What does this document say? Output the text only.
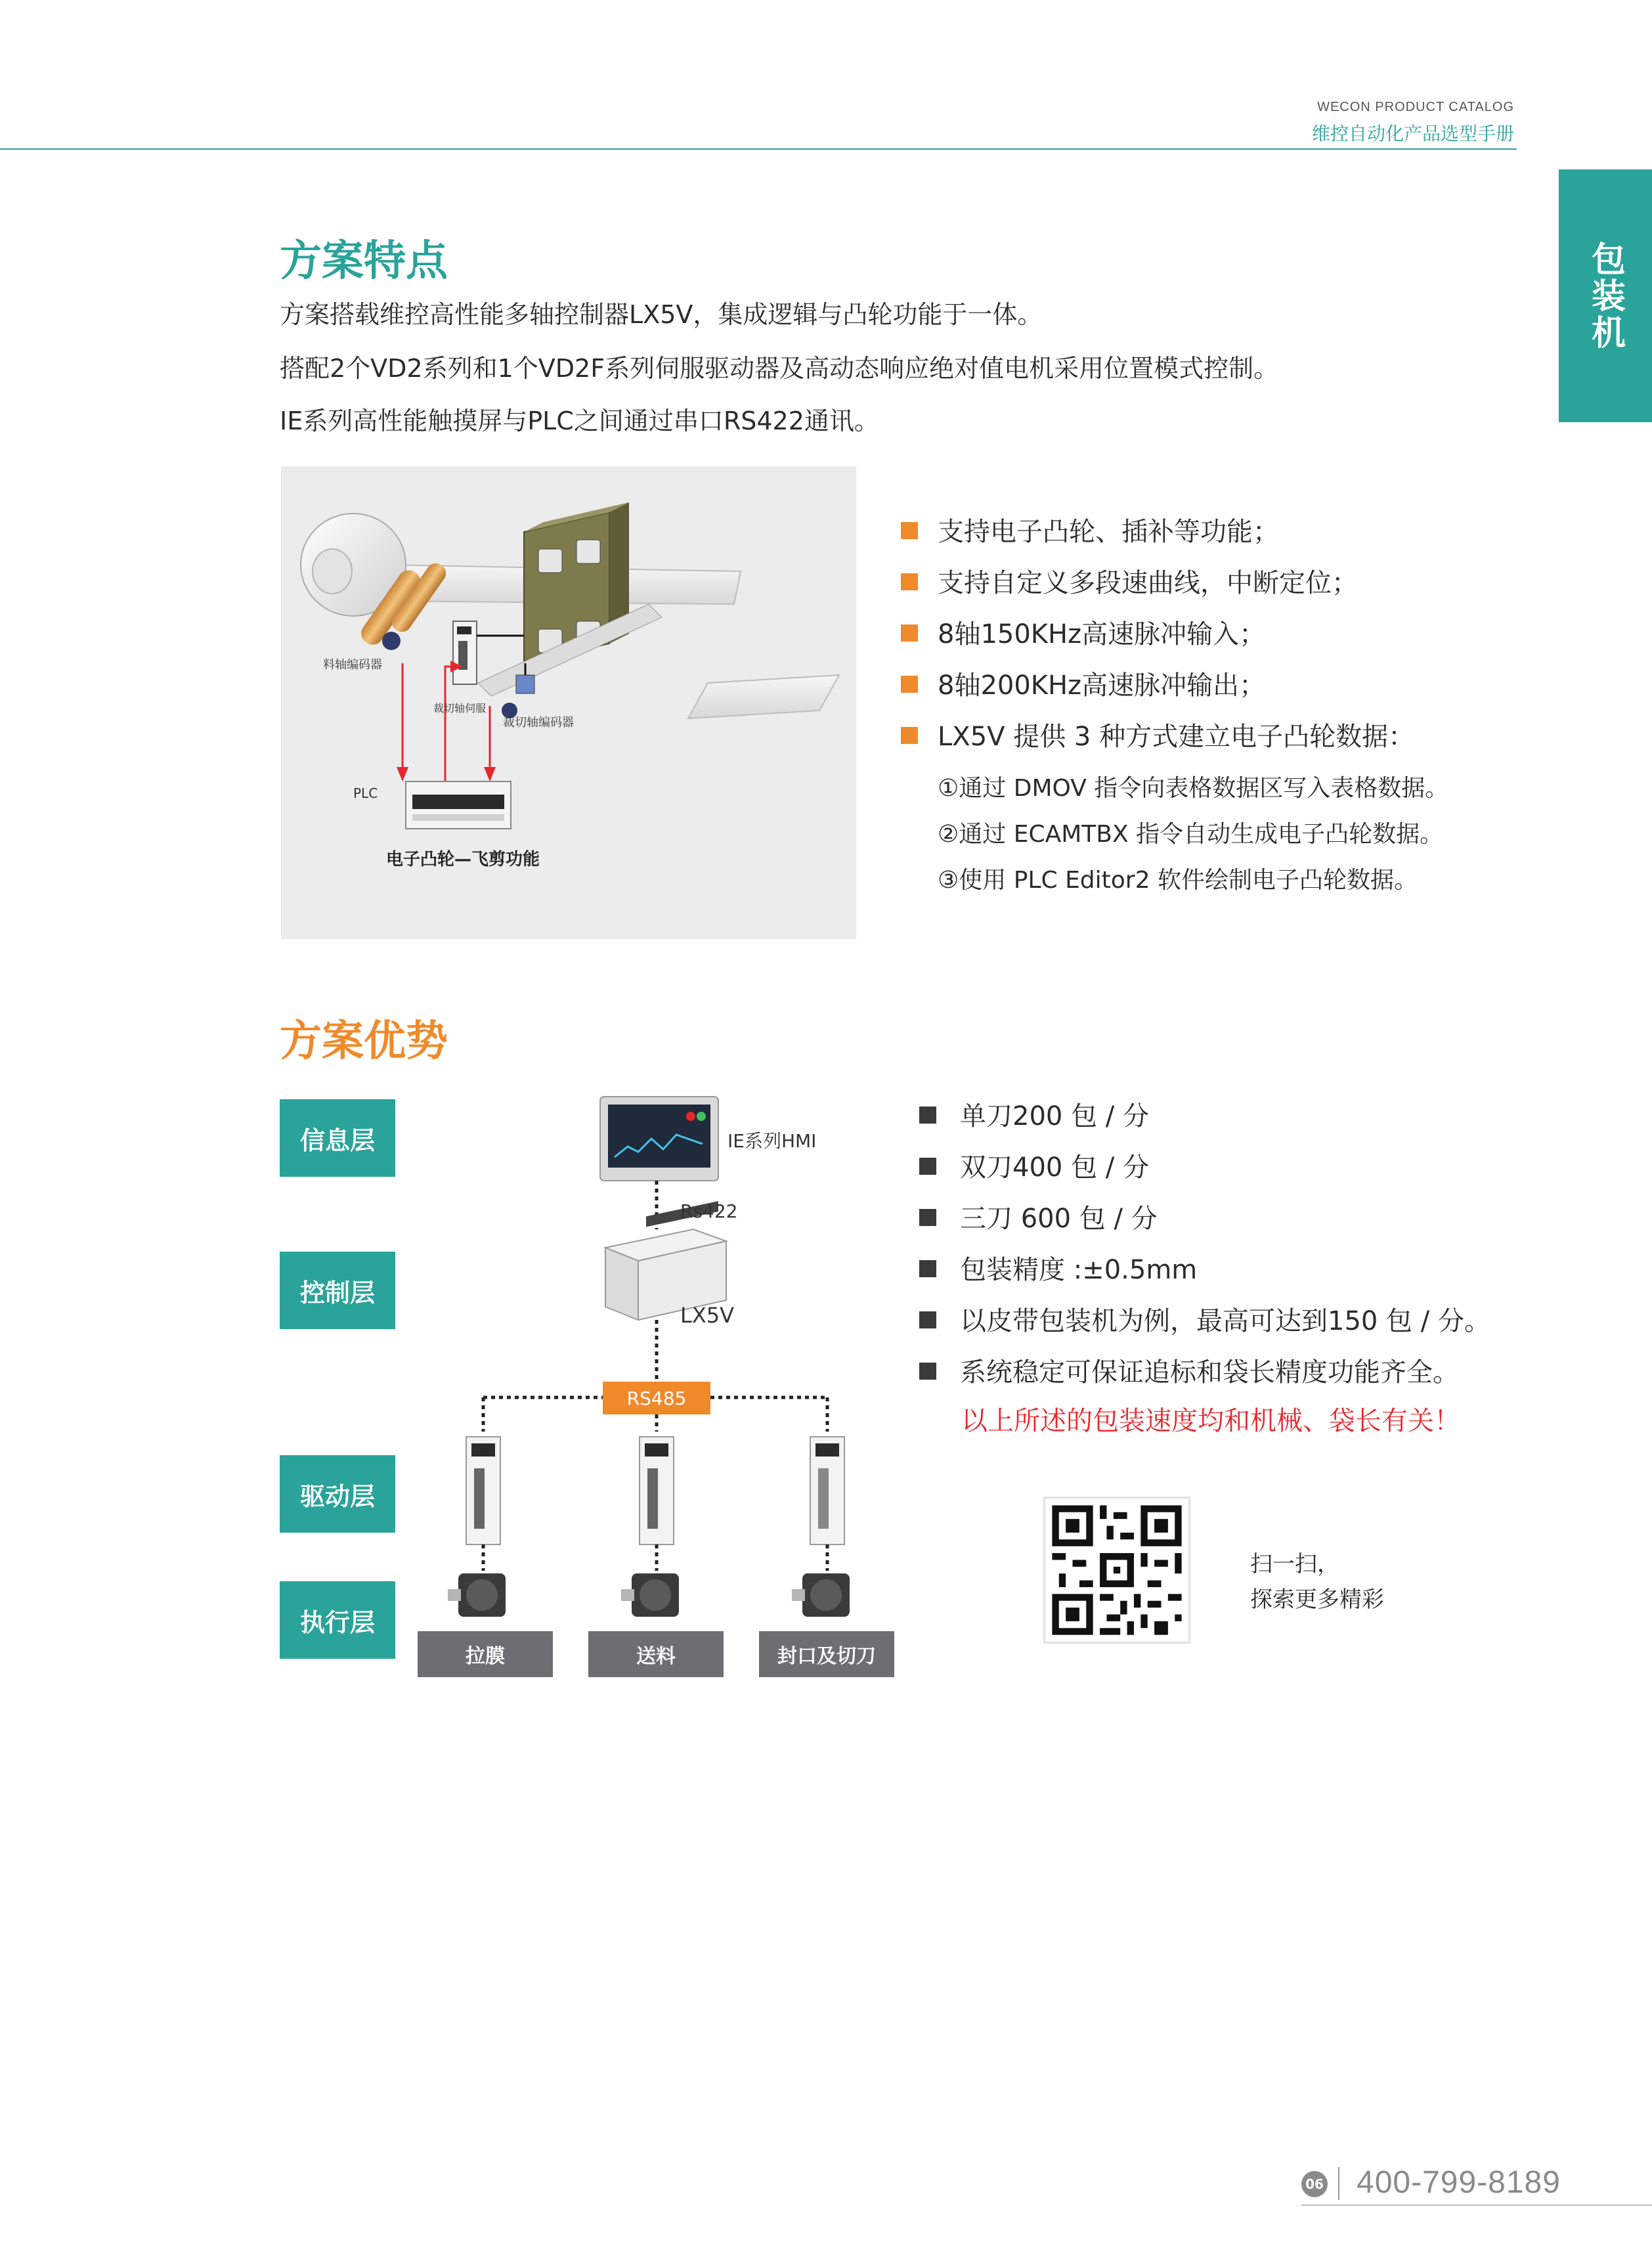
WECON PRODUCT CATALOG
维控自动化产品选型手册
包装机
方案特点
方案搭载维控高性能多轴控制器LX5V，集成逻辑与凸轮功能于一体。
搭配2个VD2系列和1个VD2F系列伺服驱动器及高动态响应绝对值电机采用位置模式控制。
IE系列高性能触摸屏与PLC之间通过串口RS422通讯。
料轴编码器
裁切轴伺服
裁切轴编码器
PLC
电子凸轮—飞剪功能
支持电子凸轮、插补等功能；
支持自定义多段速曲线，中断定位；
8轴150KHz高速脉冲输入；
8轴200KHz高速脉冲输出；
LX5V 提供 3 种方式建立电子凸轮数据：
①通过 DMOV 指令向表格数据区写入表格数据。
②通过 ECAMTBX 指令自动生成电子凸轮数据。
③使用 PLC Editor2 软件绘制电子凸轮数据。
方案优势
信息层
控制层
驱动层
执行层
IE系列HMI
Rs422
LX5V
RS485
拉膜	送料	封口及切刀
单刀200 包 / 分
双刀400 包 / 分
三刀 600 包 / 分
包装精度 :±0.5mm
以皮带包装机为例，最高可达到150 包 / 分。
系统稳定可保证追标和袋长精度功能齐全。
以上所述的包装速度均和机械、袋长有关！
扫一扫，
探索更多精彩
06 400-799-8189
